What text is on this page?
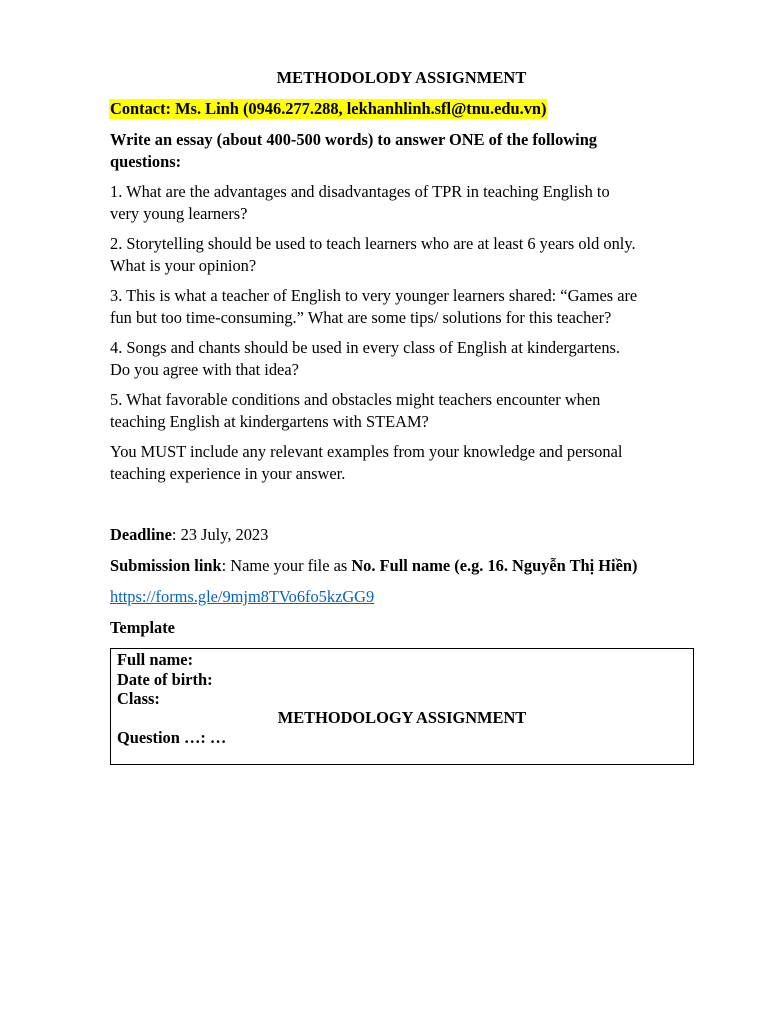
METHODOLODY ASSIGNMENT
Contact: Ms. Linh (0946.277.288, lekhanhlinh.sfl@tnu.edu.vn)
Write an essay (about 400-500 words) to answer ONE of the following
questions:
1. What are the advantages and disadvantages of TPR in teaching English to
very young learners?
2. Storytelling should be used to teach learners who are at least 6 years old only.
What is your opinion?
3. This is what a teacher of English to very younger learners shared: “Games are
fun but too time-consuming.” What are some tips/ solutions for this teacher?
4. Songs and chants should be used in every class of English at kindergartens.
Do you agree with that idea?
5. What favorable conditions and obstacles might teachers encounter when
teaching English at kindergartens with STEAM?
You MUST include any relevant examples from your knowledge and personal
teaching experience in your answer.
Deadline: 23 July, 2023
Submission link: Name your file as No. Full name (e.g. 16. Nguyễn Thị Hiền)
https://forms.gle/9mjm8TVo6fo5kzGG9
Template
Full name:
Date of birth:
Class:
METHODOLOGY ASSIGNMENT
Question …: …
